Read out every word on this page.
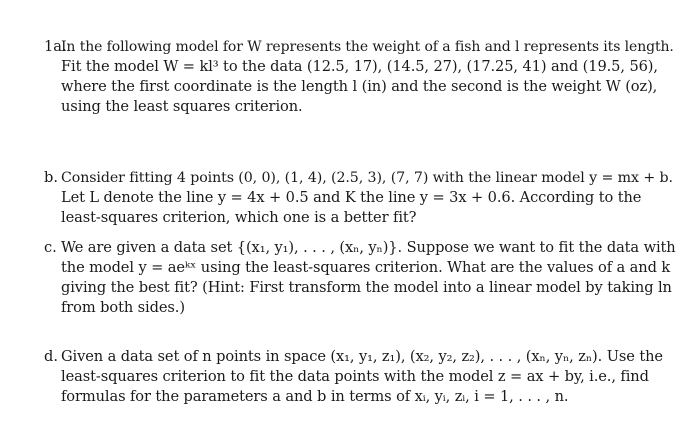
1a.
In the following model for W represents the weight of a fish and l represents its length.
Fit the model W = kl³ to the data (12.5, 17), (14.5, 27), (17.25, 41) and (19.5, 56),
where the first coordinate is the length l (in) and the second is the weight W (oz),
using the least squares criterion.
b. Consider fitting 4 points (0, 0), (1, 4), (2.5, 3), (7, 7) with the linear model y = mx + b.
Let L denote the line y = 4x + 0.5 and K the line y = 3x + 0.6. According to the
least-squares criterion, which one is a better fit?
c. We are given a data set {(x₁, y₁), . . . , (xₙ, yₙ)}. Suppose we want to fit the data with
the model y = aeᵏˣ using the least-squares criterion. What are the values of a and k
giving the best fit? (Hint: First transform the model into a linear model by taking ln
from both sides.)
d. Given a data set of n points in space (x₁, y₁, z₁), (x₂, y₂, z₂), . . . , (xₙ, yₙ, zₙ). Use the
least-squares criterion to fit the data points with the model z = ax + by, i.e., find
formulas for the parameters a and b in terms of xᵢ, yᵢ, zᵢ, i = 1, . . . , n.
